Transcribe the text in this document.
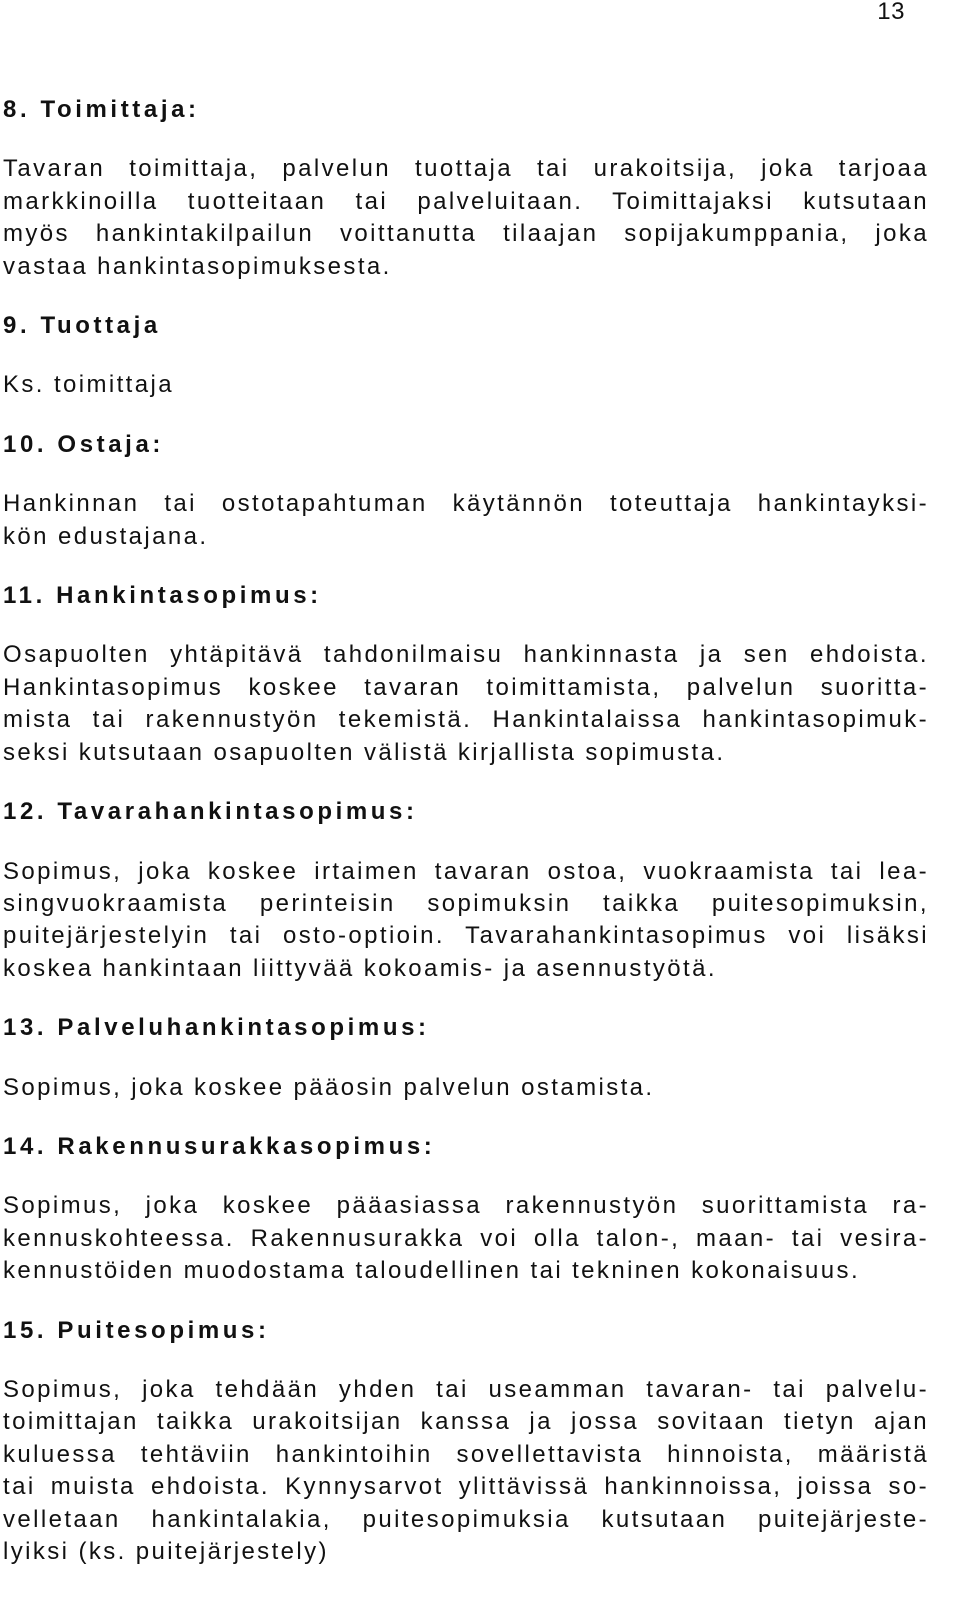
13
8. Toimittaja:
Tavaran toimittaja, palvelun tuottaja tai urakoitsija, joka tarjoaa
markkinoilla tuotteitaan tai palveluitaan. Toimittajaksi kutsutaan
myös hankintakilpailun voittanutta tilaajan sopijakumppania, joka
vastaa hankintasopimuksesta.
9. Tuottaja
Ks. toimittaja
10. Ostaja:
Hankinnan tai ostotapahtuman käytännön toteuttaja hankintayksi-
kön edustajana.
11. Hankintasopimus:
Osapuolten yhtäpitävä tahdonilmaisu hankinnasta ja sen ehdoista.
Hankintasopimus koskee tavaran toimittamista, palvelun suoritta-
mista tai rakennustyön tekemistä. Hankintalaissa hankintasopimuk-
seksi kutsutaan osapuolten välistä kirjallista sopimusta.
12. Tavarahankintasopimus:
Sopimus, joka koskee irtaimen tavaran ostoa, vuokraamista tai lea-
singvuokraamista perinteisin sopimuksin taikka puitesopimuksin,
puitejärjestelyin tai osto-optioin. Tavarahankintasopimus voi lisäksi
koskea hankintaan liittyvää kokoamis- ja asennustyötä.
13. Palveluhankintasopimus:
Sopimus, joka koskee pääosin palvelun ostamista.
14. Rakennusurakkasopimus:
Sopimus, joka koskee pääasiassa rakennustyön suorittamista ra-
kennuskohteessa. Rakennusurakka voi olla talon-, maan- tai vesira-
kennustöiden muodostama taloudellinen tai tekninen kokonaisuus.
15. Puitesopimus:
Sopimus, joka tehdään yhden tai useamman tavaran- tai palvelu-
toimittajan taikka urakoitsijan kanssa ja jossa sovitaan tietyn ajan
kuluessa tehtäviin hankintoihin sovellettavista hinnoista, määristä
tai muista ehdoista. Kynnysarvot ylittävissä hankinnoissa, joissa so-
velletaan hankintalakia, puitesopimuksia kutsutaan puitejärjeste-
lyiksi (ks. puitejärjestely)
